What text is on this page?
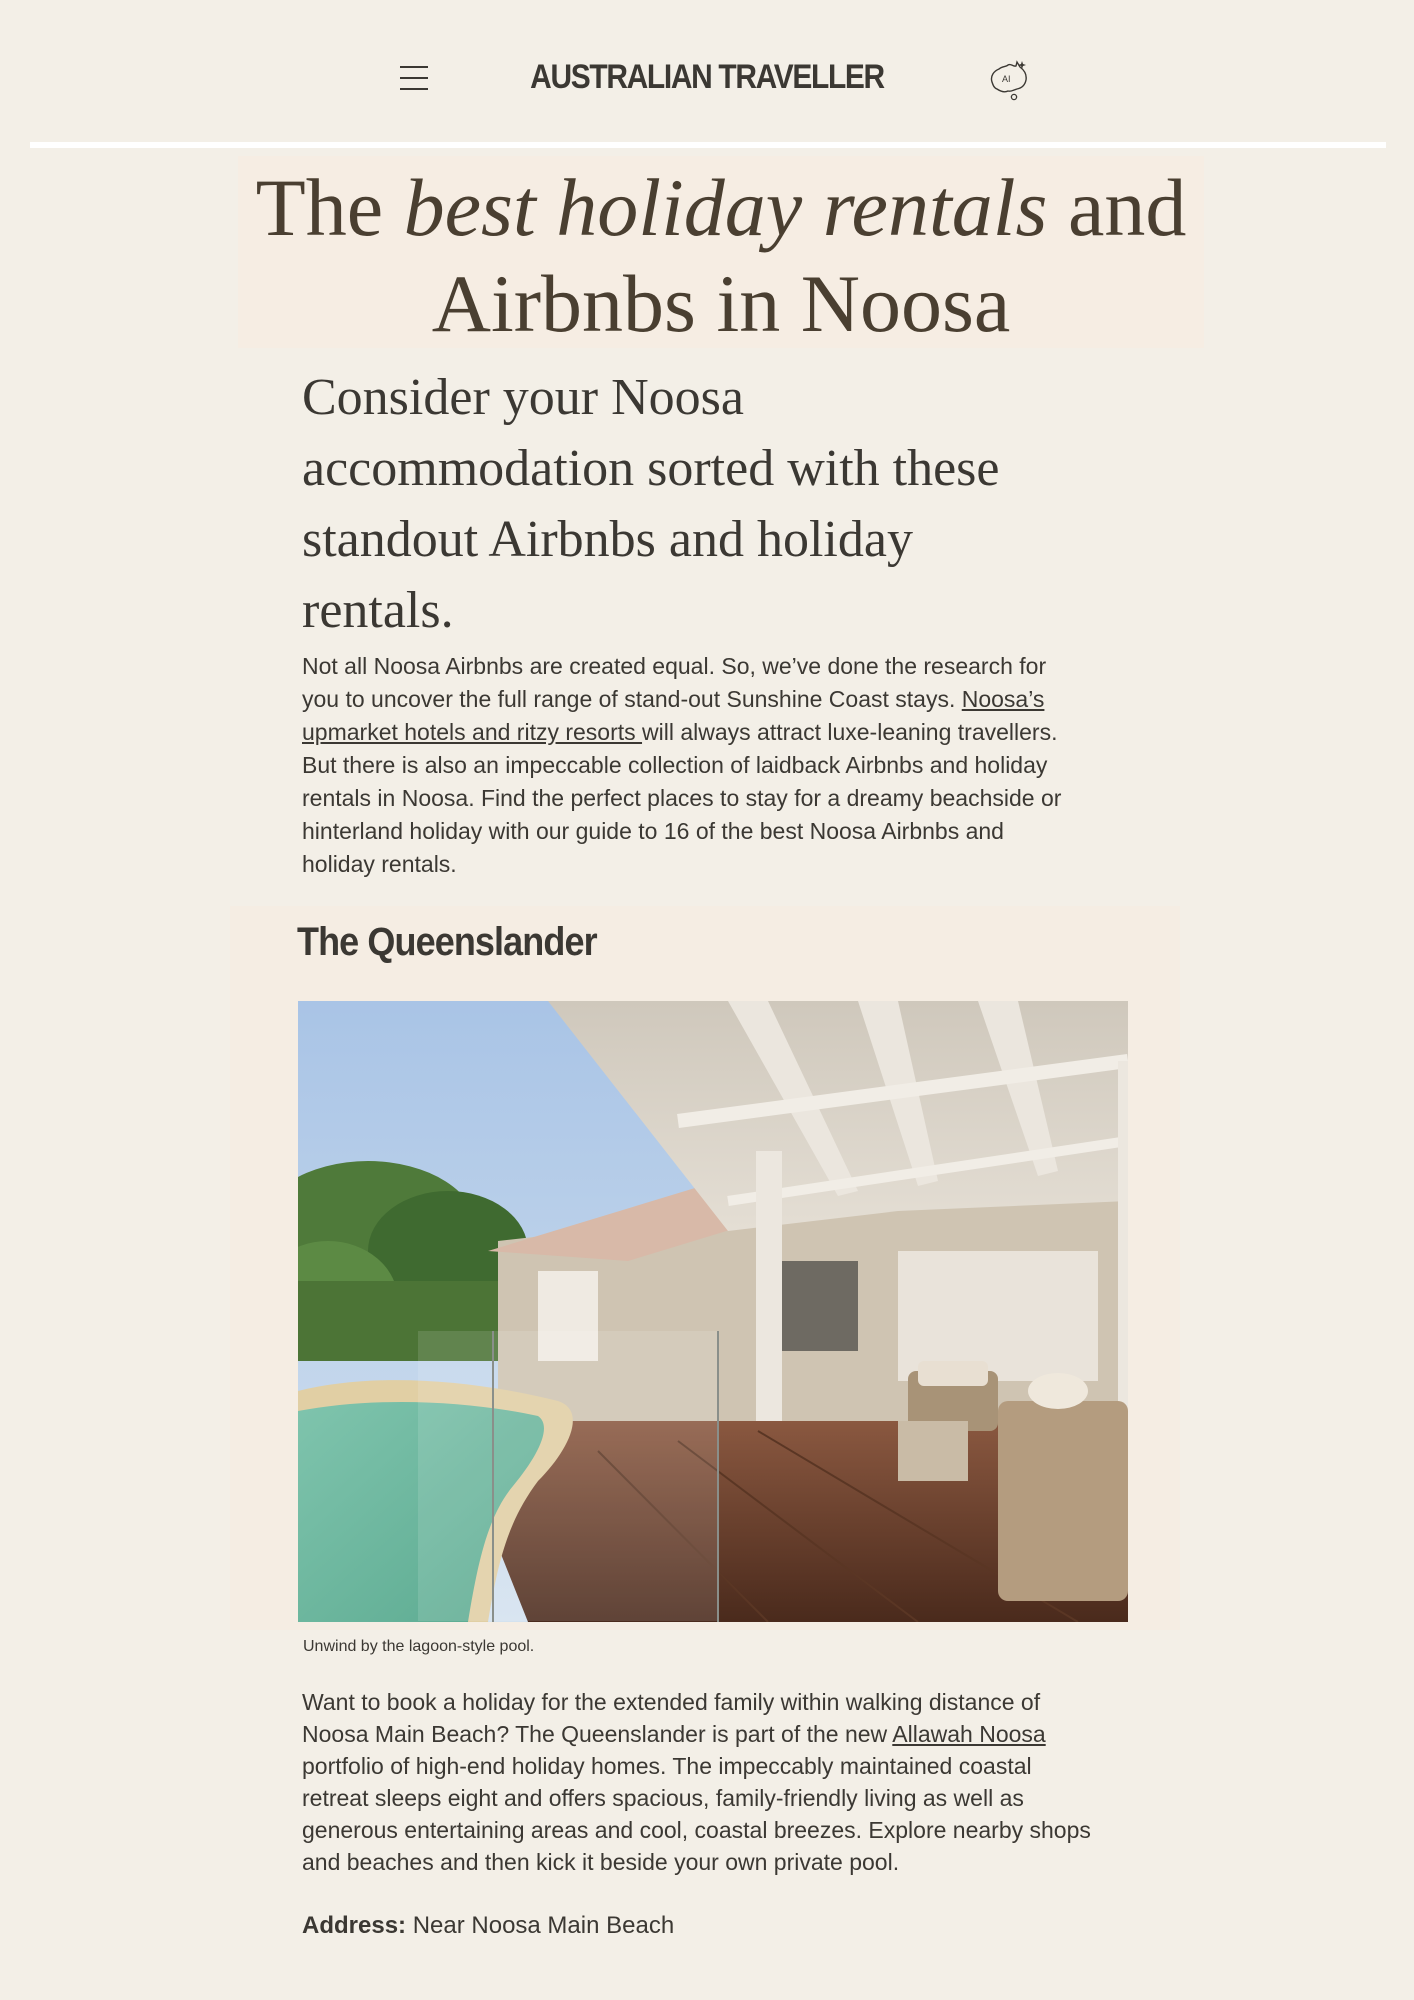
AUSTRALIAN TRAVELLER	AI
The best holiday rentals and
Airbnbs in Noosa
Consider your Noosa accommodation sorted with these standout Airbnbs and holiday rentals.

Not all Noosa Airbnbs are created equal. So, we’ve done the research for you to uncover the full range of stand-out Sunshine Coast stays. Noosa’s upmarket hotels and ritzy resorts will always attract luxe-leaning travellers. But there is also an impeccable collection of laidback Airbnbs and holiday rentals in Noosa. Find the perfect places to stay for a dreamy beachside or hinterland holiday with our guide to 16 of the best Noosa Airbnbs and holiday rentals.

The Queenslander

Unwind by the lagoon-style pool.

Want to book a holiday for the extended family within walking distance of Noosa Main Beach? The Queenslander is part of the new Allawah Noosa portfolio of high-end holiday homes. The impeccably maintained coastal retreat sleeps eight and offers spacious, family-friendly living as well as generous entertaining areas and cool, coastal breezes. Explore nearby shops and beaches and then kick it beside your own private pool.

Address: Near Noosa Main Beach
